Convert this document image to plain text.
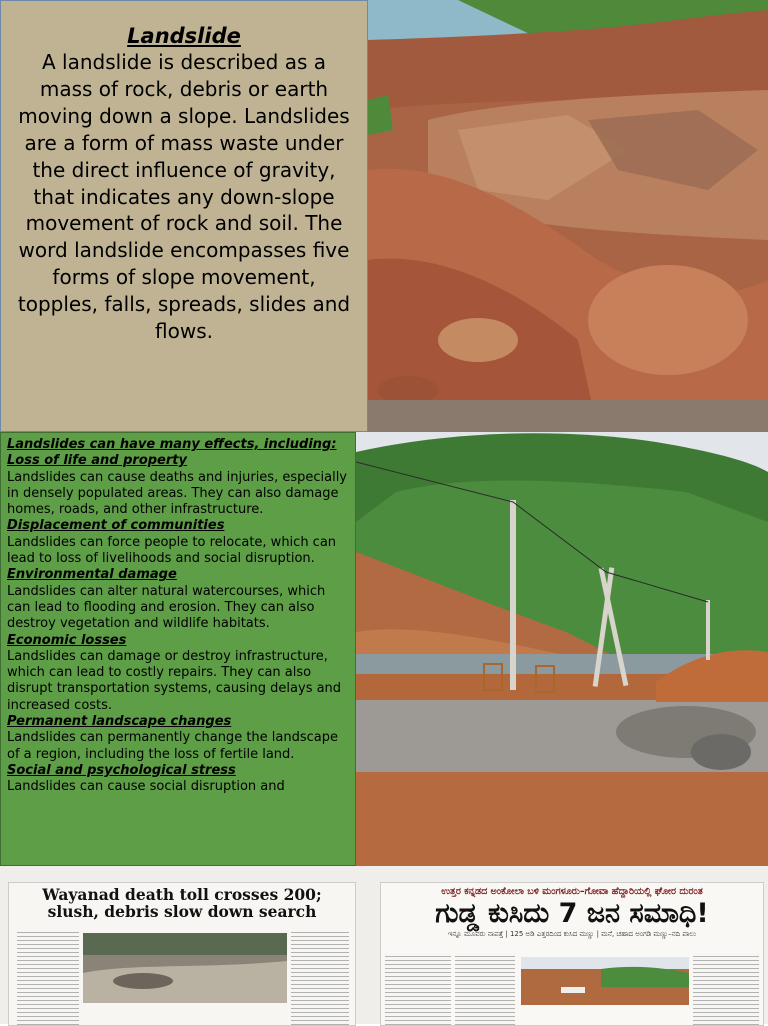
Landslide

A landslide is described as a mass of rock, debris or earth moving down a slope. Landslides are a form of mass waste under the direct influence of gravity, that indicates any down-slope movement of rock and soil. The word landslide encompasses five forms of slope movement, topples, falls, spreads, slides and flows.

Landslides can have many effects, including:
Loss of life and property

Landslides can cause deaths and injuries, especially in densely populated areas. They can also damage homes, roads, and other infrastructure.

Displacement of communities

Landslides can force people to relocate, which can lead to loss of livelihoods and social disruption.

Environmental damage

Landslides can alter natural watercourses, which can lead to flooding and erosion. They can also destroy vegetation and wildlife habitats.

Economic losses

Landslides can damage or destroy infrastructure, which can lead to costly repairs. They can also disrupt transportation systems, causing delays and increased costs.

Permanent landscape changes

Landslides can permanently change the landscape of a region, including the loss of fertile land.

Social and psychological stress

Landslides can cause social disruption and

Wayanad death toll crosses 200; slush, debris slow down search
ಉತ್ತರ ಕನ್ನಡದ ಅಂಕೋಲಾ ಬಳಿ ಮಂಗಳೂರು–ಗೋವಾ ಹೆದ್ದಾರಿಯಲ್ಲಿ ಘೋರ ದುರಂತ
ಗುಡ್ಡ ಕುಸಿದು 7 ಜನ ಸಮಾಧಿ!
ಇನ್ನೂ ಮೂವರು ನಾಪತ್ತೆ | 125 ಅಡಿ ಎತ್ತರದಿಂದ ಕುಸಿದ ಮಣ್ಣು | ಮನೆ, ಚಹಾದ ಅಂಗಡಿ ಮಣ್ಣು–ನದಿ ಪಾಲು
